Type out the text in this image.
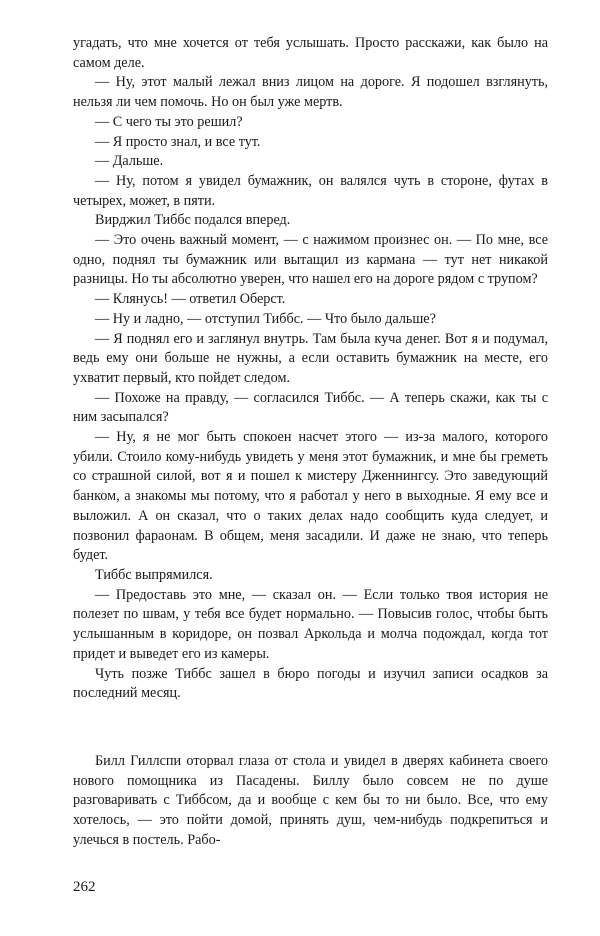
угадать, что мне хочется от тебя услышать. Просто расскажи, как было на самом деле.

— Ну, этот малый лежал вниз лицом на дороге. Я подошел взглянуть, нельзя ли чем помочь. Но он был уже мертв.

— С чего ты это решил?

— Я просто знал, и все тут.

— Дальше.

— Ну, потом я увидел бумажник, он валялся чуть в стороне, футах в четырех, может, в пяти.

Вирджил Тиббс подался вперед.

— Это очень важный момент, — с нажимом произнес он. — По мне, все одно, поднял ты бумажник или вытащил из кармана — тут нет никакой разницы. Но ты абсолютно уверен, что нашел его на дороге рядом с трупом?

— Клянусь! — ответил Оберст.

— Ну и ладно, — отступил Тиббс. — Что было дальше?

— Я поднял его и заглянул внутрь. Там была куча денег. Вот я и подумал, ведь ему они больше не нужны, а если оставить бумажник на месте, его ухватит первый, кто пойдет следом.

— Похоже на правду, — согласился Тиббс. — А теперь скажи, как ты с ним засыпался?

— Ну, я не мог быть спокоен насчет этого — из-за малого, которого убили. Стоило кому-нибудь увидеть у меня этот бумажник, и мне бы греметь со страшной силой, вот я и пошел к мистеру Дженнингсу. Это заведующий банком, а знакомы мы потому, что я работал у него в выходные. Я ему все и выложил. А он сказал, что о таких делах надо сообщить куда следует, и позвонил фараонам. В общем, меня засадили. И даже не знаю, что теперь будет.

Тиббс выпрямился.

— Предоставь это мне, — сказал он. — Если только твоя история не полезет по швам, у тебя все будет нормально. — Повысив голос, чтобы быть услышанным в коридоре, он позвал Аркольда и молча подождал, когда тот придет и выведет его из камеры.

Чуть позже Тиббс зашел в бюро погоды и изучил записи осадков за последний месяц.

Билл Гиллспи оторвал глаза от стола и увидел в дверях кабинета своего нового помощника из Пасадены. Биллу было совсем не по душе разговаривать с Тиббсом, да и вообще с кем бы то ни было. Все, что ему хотелось, — это пойти домой, принять душ, чем-нибудь подкрепиться и улечься в постель. Рабо-

262
